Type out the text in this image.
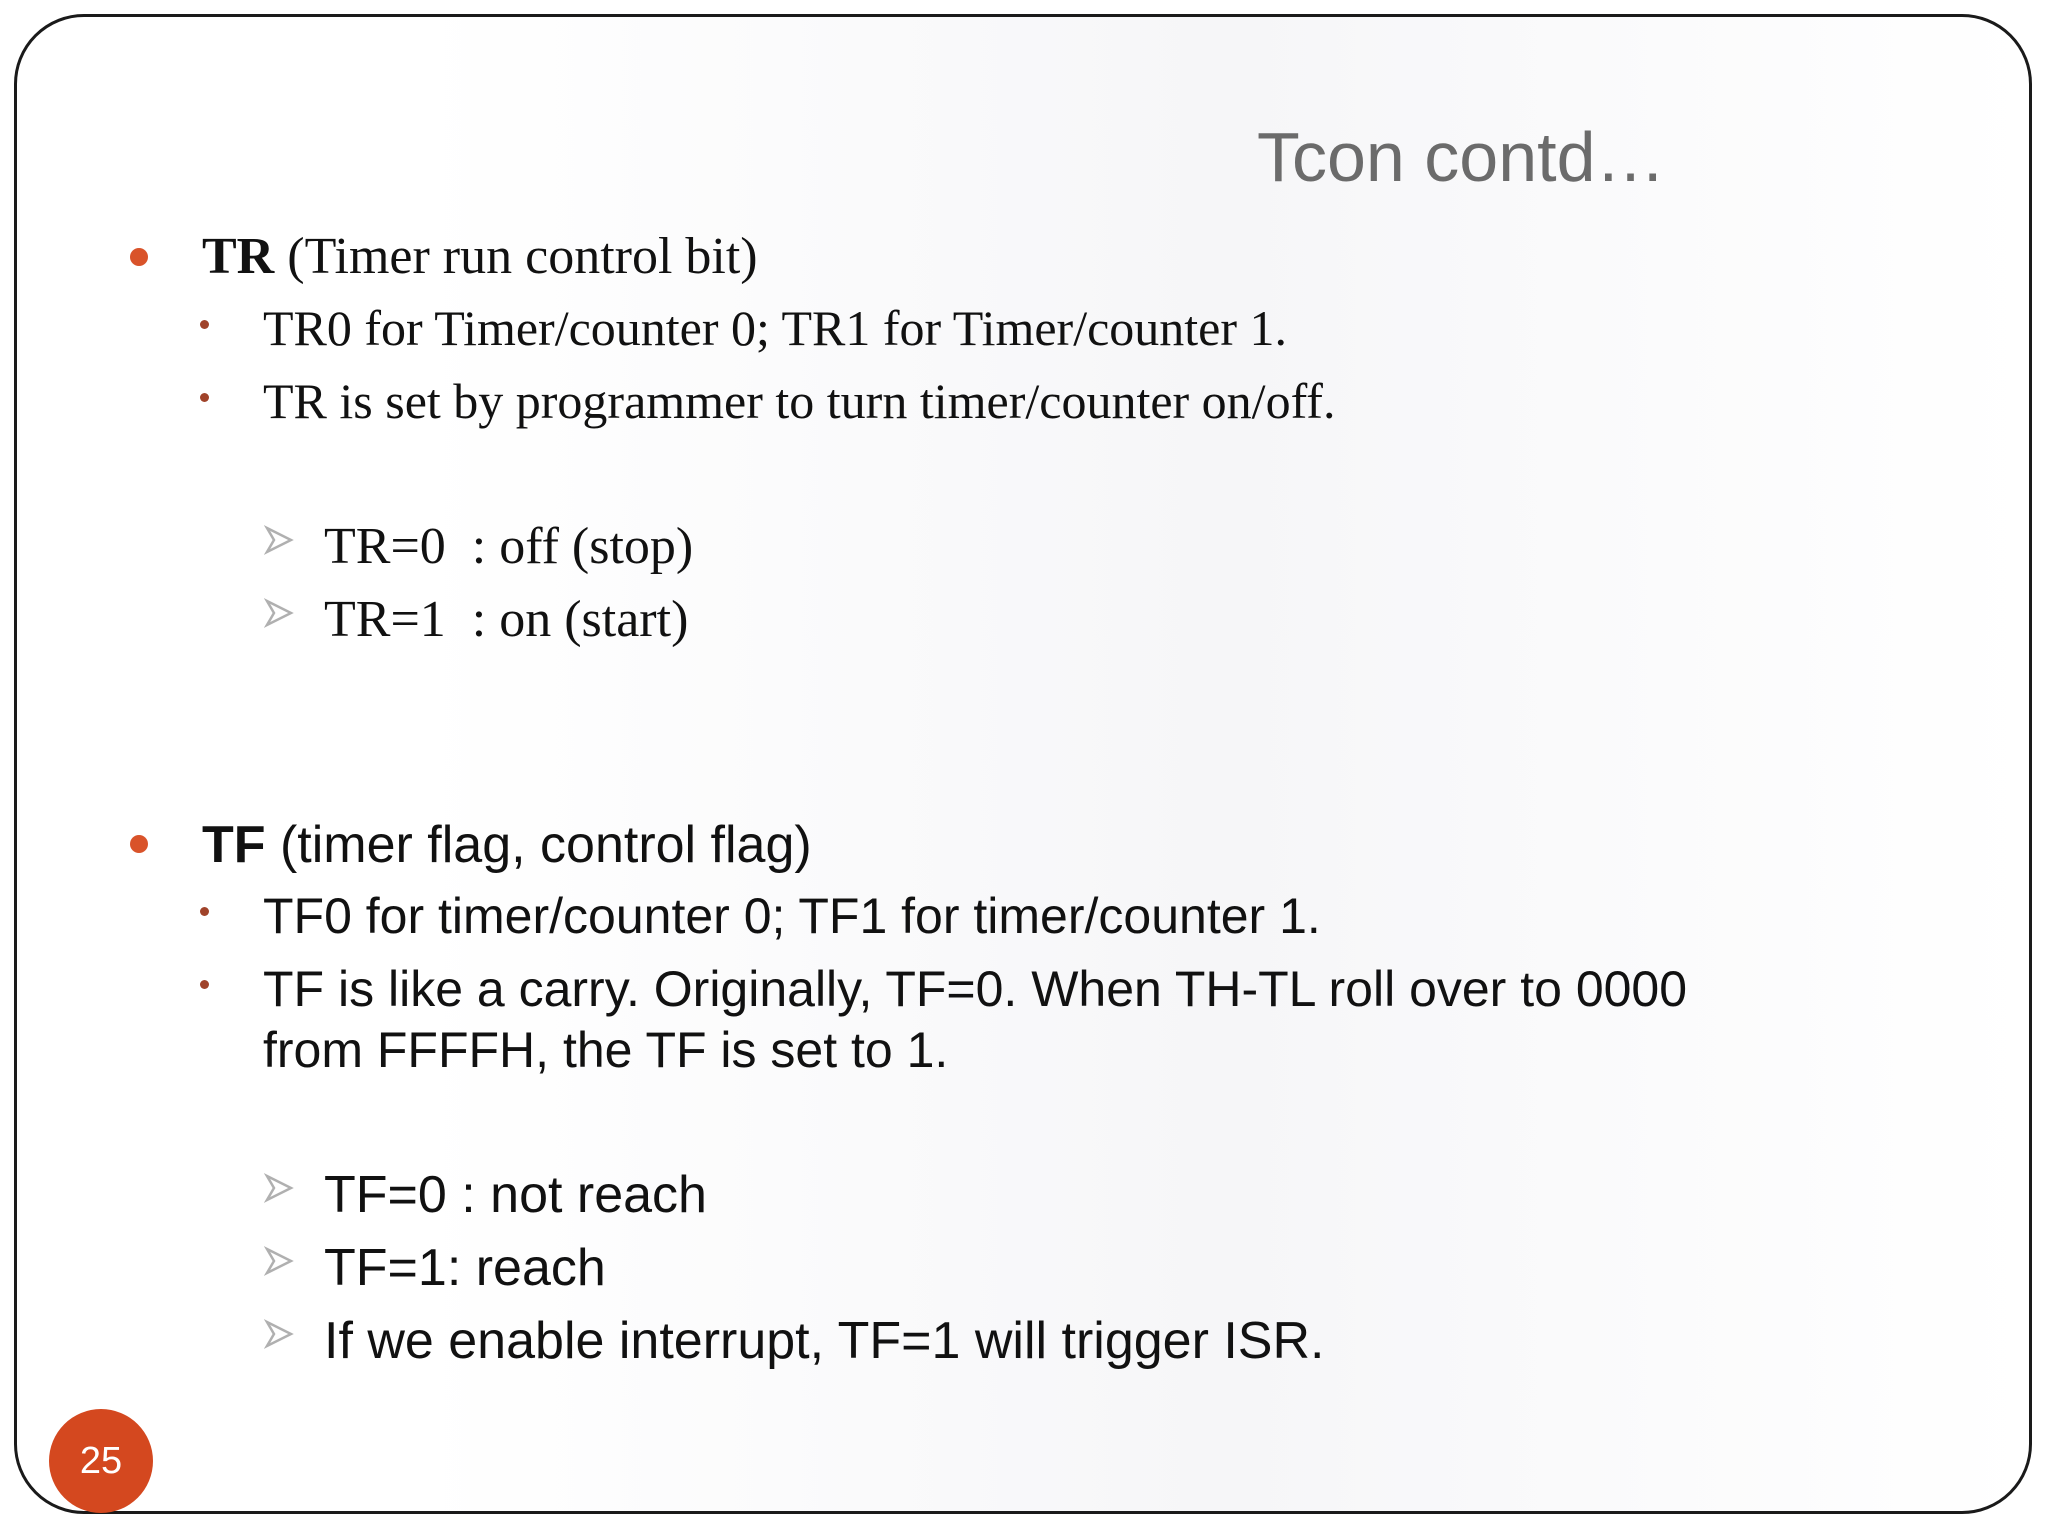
Tcon contd…
TR (Timer run control bit)
TR0 for Timer/counter 0; TR1 for Timer/counter 1.
TR is set by programmer to turn timer/counter on/off.
TR=0  : off (stop)
TR=1  : on (start)
TF (timer flag, control flag)
TF0 for timer/counter 0; TF1 for timer/counter 1.
TF is like a carry. Originally, TF=0. When TH-TL roll over to 0000
from FFFFH, the TF is set to 1.
TF=0 : not reach
TF=1: reach
If we enable interrupt, TF=1 will trigger ISR.
25
